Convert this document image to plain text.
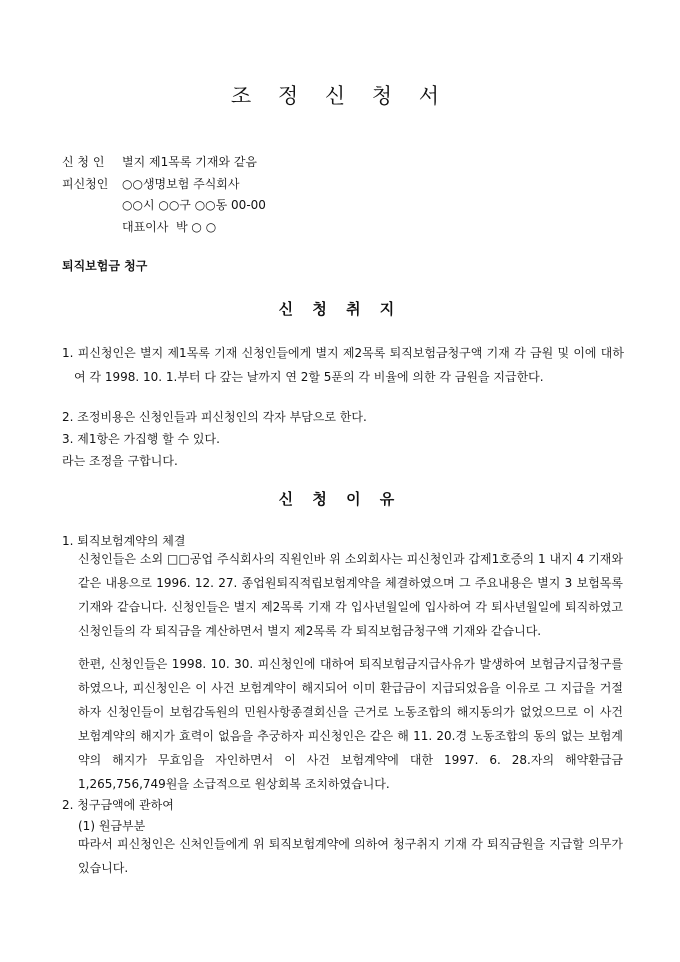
조 정 신 청 서
신 청 인 별지 제1목록 기재와 같음
피신청인 ○○생명보험 주식회사
○○시 ○○구 ○○동 00-00
대표이사  박 ○ ○
퇴직보험금 청구
신 청 취 지
1. 피신청인은 별지 제1목록 기재 신청인들에게 별지 제2목록 퇴직보험금청구액 기재 각 금원 및 이에 대하여 각 1998. 10. 1.부터 다 갚는 날까지 연 2할 5푼의 각 비율에 의한 각 금원을 지급한다.
2. 조정비용은 신청인들과 피신청인의 각자 부담으로 한다.
3. 제1항은 가집행 할 수 있다.
라는 조정을 구합니다.
신 청 이 유
1. 퇴직보험계약의 체결
신청인들은 소외 □□공업 주식회사의 직원인바 위 소외회사는 피신청인과 갑제1호증의 1 내지 4 기재와 같은 내용으로 1996. 12. 27. 종업원퇴직적립보험계약을 체결하였으며 그 주요내용은 별지 3 보험목록 기재와 같습니다. 신청인들은 별지 제2목록 기재 각 입사년월일에 입사하여 각 퇴사년월일에 퇴직하였고 신청인들의 각 퇴직금을 계산하면서 별지 제2목록 각 퇴직보험금청구액 기재와 같습니다.
한편, 신청인들은 1998. 10. 30. 피신청인에 대하여 퇴직보험금지급사유가 발생하여 보험금지급청구를 하였으나, 피신청인은 이 사건 보험계약이 해지되어 이미 환급금이 지급되었음을 이유로 그 지급을 거절하자 신청인들이 보험감독원의 민원사항종결회신을 근거로 노동조합의 해지동의가 없었으므로 이 사건 보험계약의 해지가 효력이 없음을 추궁하자 피신청인은 같은 해 11. 20.경 노동조합의 동의 없는 보험계약의 해지가 무효임을 자인하면서 이 사건 보험계약에 대한 1997. 6. 28.자의 해약환급금 1,265,756,749원을 소급적으로 원상회복 조치하였습니다.
2. 청구금액에 관하여
(1) 원금부분
따라서 피신청인은 신처인들에게 위 퇴직보험계약에 의하여 청구취지 기재 각 퇴직금원을 지급할 의무가 있습니다.
